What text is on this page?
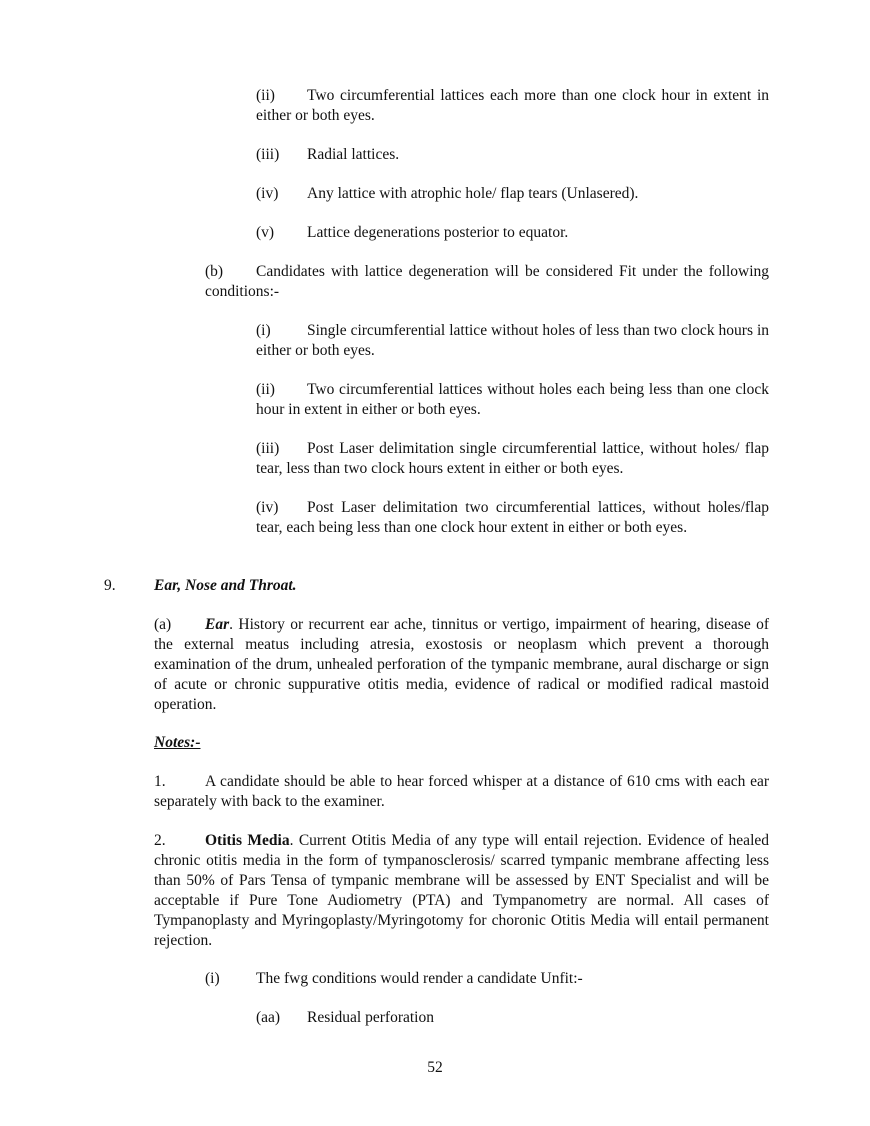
(ii) Two circumferential lattices each more than one clock hour in extent in either or both eyes.
(iii) Radial lattices.
(iv) Any lattice with atrophic hole/ flap tears (Unlasered).
(v) Lattice degenerations posterior to equator.
(b) Candidates with lattice degeneration will be considered Fit under the following conditions:-
(i) Single circumferential lattice without holes of less than two clock hours in either or both eyes.
(ii) Two circumferential lattices without holes each being less than one clock hour in extent in either or both eyes.
(iii) Post Laser delimitation single circumferential lattice, without holes/ flap tear, less than two clock hours extent in either or both eyes.
(iv) Post Laser delimitation two circumferential lattices, without holes/flap tear, each being less than one clock hour extent in either or both eyes.
9. Ear, Nose and Throat.
(a) Ear. History or recurrent ear ache, tinnitus or vertigo, impairment of hearing, disease of the external meatus including atresia, exostosis or neoplasm which prevent a thorough examination of the drum, unhealed perforation of the tympanic membrane, aural discharge or sign of acute or chronic suppurative otitis media, evidence of radical or modified radical mastoid operation.
Notes:-
1.	A candidate should be able to hear forced whisper at a distance of 610 cms with each ear separately with back to the examiner.
2.	Otitis Media. Current Otitis Media of any type will entail rejection. Evidence of healed chronic otitis media in the form of tympanosclerosis/ scarred tympanic membrane affecting less than 50% of Pars Tensa of tympanic membrane will be assessed by ENT Specialist and will be acceptable if Pure Tone Audiometry (PTA) and Tympanometry are normal. All cases of Tympanoplasty and Myringoplasty/Myringotomy for choronic Otitis Media will entail permanent rejection.
(i) The fwg conditions would render a candidate Unfit:-
(aa) Residual perforation
52
